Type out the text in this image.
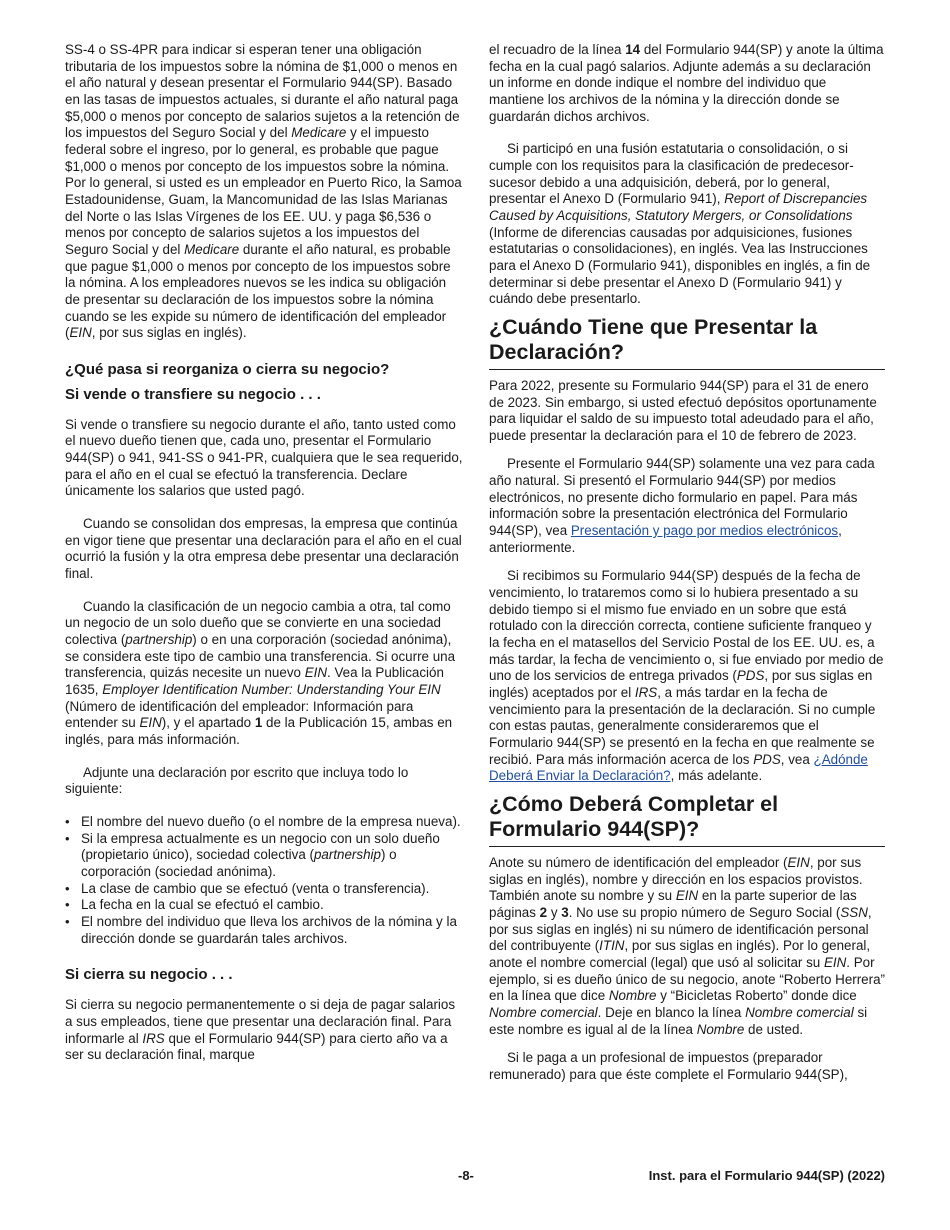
SS-4 o SS-4PR para indicar si esperan tener una obligación tributaria de los impuestos sobre la nómina de $1,000 o menos en el año natural y desean presentar el Formulario 944(SP). Basado en las tasas de impuestos actuales, si durante el año natural paga $5,000 o menos por concepto de salarios sujetos a la retención de los impuestos del Seguro Social y del Medicare y el impuesto federal sobre el ingreso, por lo general, es probable que pague $1,000 o menos por concepto de los impuestos sobre la nómina. Por lo general, si usted es un empleador en Puerto Rico, la Samoa Estadounidense, Guam, la Mancomunidad de las Islas Marianas del Norte o las Islas Vírgenes de los EE. UU. y paga $6,536 o menos por concepto de salarios sujetos a los impuestos del Seguro Social y del Medicare durante el año natural, es probable que pague $1,000 o menos por concepto de los impuestos sobre la nómina. A los empleadores nuevos se les indica su obligación de presentar su declaración de los impuestos sobre la nómina cuando se les expide su número de identificación del empleador (EIN, por sus siglas en inglés).

¿Qué pasa si reorganiza o cierra su negocio?
Si vende o transfiere su negocio . . .

Si vende o transfiere su negocio durante el año, tanto usted como el nuevo dueño tienen que, cada uno, presentar el Formulario 944(SP) o 941, 941-SS o 941-PR, cualquiera que le sea requerido, para el año en el cual se efectuó la transferencia. Declare únicamente los salarios que usted pagó.

Cuando se consolidan dos empresas, la empresa que continúa en vigor tiene que presentar una declaración para el año en el cual ocurrió la fusión y la otra empresa debe presentar una declaración final.

Cuando la clasificación de un negocio cambia a otra, tal como un negocio de un solo dueño que se convierte en una sociedad colectiva (partnership) o en una corporación (sociedad anónima), se considera este tipo de cambio una transferencia. Si ocurre una transferencia, quizás necesite un nuevo EIN. Vea la Publicación 1635, Employer Identification Number: Understanding Your EIN (Número de identificación del empleador: Información para entender su EIN), y el apartado 1 de la Publicación 15, ambas en inglés, para más información.

Adjunte una declaración por escrito que incluya todo lo siguiente:

• El nombre del nuevo dueño (o el nombre de la empresa nueva).

• Si la empresa actualmente es un negocio con un solo dueño (propietario único), sociedad colectiva (partnership) o corporación (sociedad anónima).

• La clase de cambio que se efectuó (venta o transferencia).

• La fecha en la cual se efectuó el cambio.

• El nombre del individuo que lleva los archivos de la nómina y la dirección donde se guardarán tales archivos.

Si cierra su negocio . . .

Si cierra su negocio permanentemente o si deja de pagar salarios a sus empleados, tiene que presentar una declaración final. Para informarle al IRS que el Formulario 944(SP) para cierto año va a ser su declaración final, marque

el recuadro de la línea 14 del Formulario 944(SP) y anote la última fecha en la cual pagó salarios. Adjunte además a su declaración un informe en donde indique el nombre del individuo que mantiene los archivos de la nómina y la dirección donde se guardarán dichos archivos.

Si participó en una fusión estatutaria o consolidación, o si cumple con los requisitos para la clasificación de predecesor-sucesor debido a una adquisición, deberá, por lo general, presentar el Anexo D (Formulario 941), Report of Discrepancies Caused by Acquisitions, Statutory Mergers, or Consolidations (Informe de diferencias causadas por adquisiciones, fusiones estatutarias o consolidaciones), en inglés. Vea las Instrucciones para el Anexo D (Formulario 941), disponibles en inglés, a fin de determinar si debe presentar el Anexo D (Formulario 941) y cuándo debe presentarlo.

¿Cuándo Tiene que Presentar la Declaración?

Para 2022, presente su Formulario 944(SP) para el 31 de enero de 2023. Sin embargo, si usted efectuó depósitos oportunamente para liquidar el saldo de su impuesto total adeudado para el año, puede presentar la declaración para el 10 de febrero de 2023.

Presente el Formulario 944(SP) solamente una vez para cada año natural. Si presentó el Formulario 944(SP) por medios electrónicos, no presente dicho formulario en papel. Para más información sobre la presentación electrónica del Formulario 944(SP), vea Presentación y pago por medios electrónicos, anteriormente.

Si recibimos su Formulario 944(SP) después de la fecha de vencimiento, lo trataremos como si lo hubiera presentado a su debido tiempo si el mismo fue enviado en un sobre que está rotulado con la dirección correcta, contiene suficiente franqueo y la fecha en el matasellos del Servicio Postal de los EE. UU. es, a más tardar, la fecha de vencimiento o, si fue enviado por medio de uno de los servicios de entrega privados (PDS, por sus siglas en inglés) aceptados por el IRS, a más tardar en la fecha de vencimiento para la presentación de la declaración. Si no cumple con estas pautas, generalmente consideraremos que el Formulario 944(SP) se presentó en la fecha en que realmente se recibió. Para más información acerca de los PDS, vea ¿Adónde Deberá Enviar la Declaración?, más adelante.

¿Cómo Deberá Completar el Formulario 944(SP)?

Anote su número de identificación del empleador (EIN, por sus siglas en inglés), nombre y dirección en los espacios provistos. También anote su nombre y su EIN en la parte superior de las páginas 2 y 3. No use su propio número de Seguro Social (SSN, por sus siglas en inglés) ni su número de identificación personal del contribuyente (ITIN, por sus siglas en inglés). Por lo general, anote el nombre comercial (legal) que usó al solicitar su EIN. Por ejemplo, si es dueño único de su negocio, anote “Roberto Herrera” en la línea que dice Nombre y “Bicicletas Roberto” donde dice Nombre comercial. Deje en blanco la línea Nombre comercial si este nombre es igual al de la línea Nombre de usted.

Si le paga a un profesional de impuestos (preparador remunerado) para que éste complete el Formulario 944(SP),

-8-	Inst. para el Formulario 944(SP) (2022)
